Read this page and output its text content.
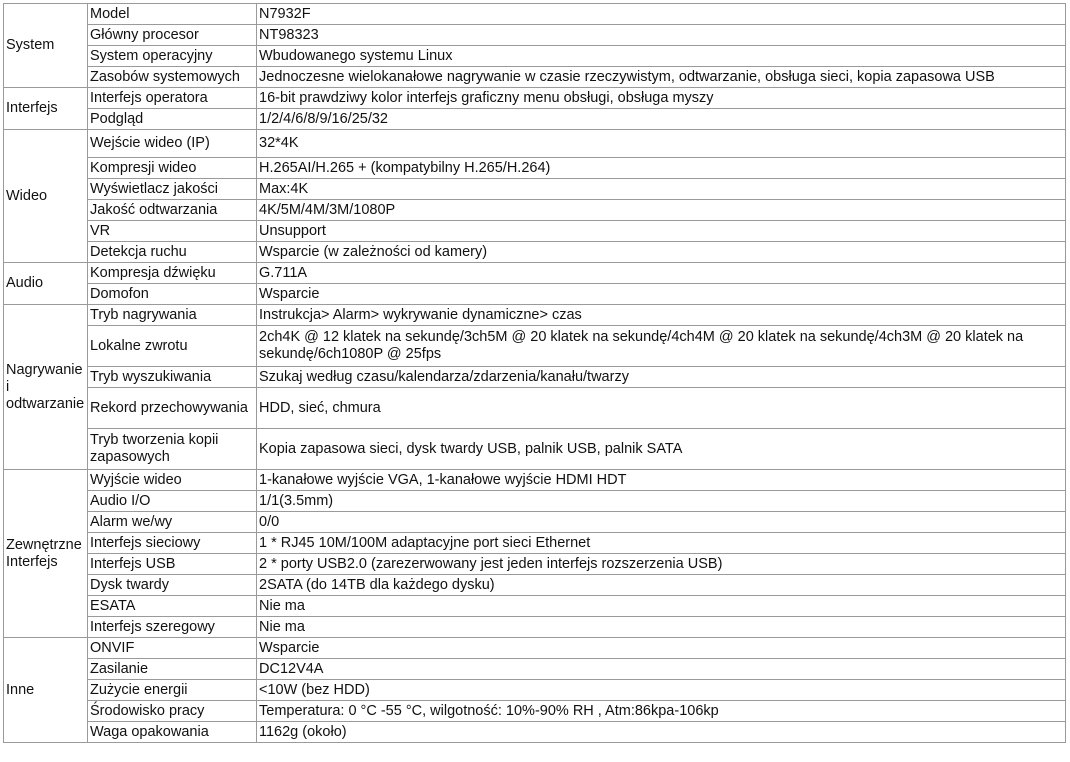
System	Model	N7932F
	Główny procesor	NT98323
	System operacyjny	Wbudowanego systemu Linux
	Zasobów systemowych	Jednoczesne wielokanałowe nagrywanie w czasie rzeczywistym, odtwarzanie, obsługa sieci, kopia zapasowa USB
Interfejs	Interfejs operatora	16-bit prawdziwy kolor interfejs graficzny menu obsługi, obsługa myszy
	Podgląd	1/2/4/6/8/9/16/25/32
Wideo	Wejście wideo (IP)	32*4K
	Kompresji wideo	H.265AI/H.265 + (kompatybilny H.265/H.264)
	Wyświetlacz jakości	Max:4K
	Jakość odtwarzania	4K/5M/4M/3M/1080P
	VR	Unsupport
	Detekcja ruchu	Wsparcie (w zależności od kamery)
Audio	Kompresja dźwięku	G.711A
	Domofon	Wsparcie
Nagrywanie i odtwarzanie	Tryb nagrywania	Instrukcja> Alarm> wykrywanie dynamiczne> czas
	Lokalne zwrotu	2ch4K @ 12 klatek na sekundę/3ch5M @ 20 klatek na sekundę/4ch4M @ 20 klatek na sekundę/4ch3M @ 20 klatek na sekundę/6ch1080P @ 25fps
	Tryb wyszukiwania	Szukaj według czasu/kalendarza/zdarzenia/kanału/twarzy
	Rekord przechowywania	HDD, sieć, chmura
	Tryb tworzenia kopii zapasowych	Kopia zapasowa sieci, dysk twardy USB, palnik USB, palnik SATA
Zewnętrzne Interfejs	Wyjście wideo	1-kanałowe wyjście VGA, 1-kanałowe wyjście HDMI HDT
	Audio I/O	1/1(3.5mm)
	Alarm we/wy	0/0
	Interfejs sieciowy	1 * RJ45 10M/100M adaptacyjne port sieci Ethernet
	Interfejs USB	2 * porty USB2.0 (zarezerwowany jest jeden interfejs rozszerzenia USB)
	Dysk twardy	2SATA (do 14TB dla każdego dysku)
	ESATA	Nie ma
	Interfejs szeregowy	Nie ma
Inne	ONVIF	Wsparcie
	Zasilanie	DC12V4A
	Zużycie energii	<10W (bez HDD)
	Środowisko pracy	Temperatura: 0 °C -55 °C, wilgotność: 10%-90% RH , Atm:86kpa-106kp
	Waga opakowania	1162g (około)
